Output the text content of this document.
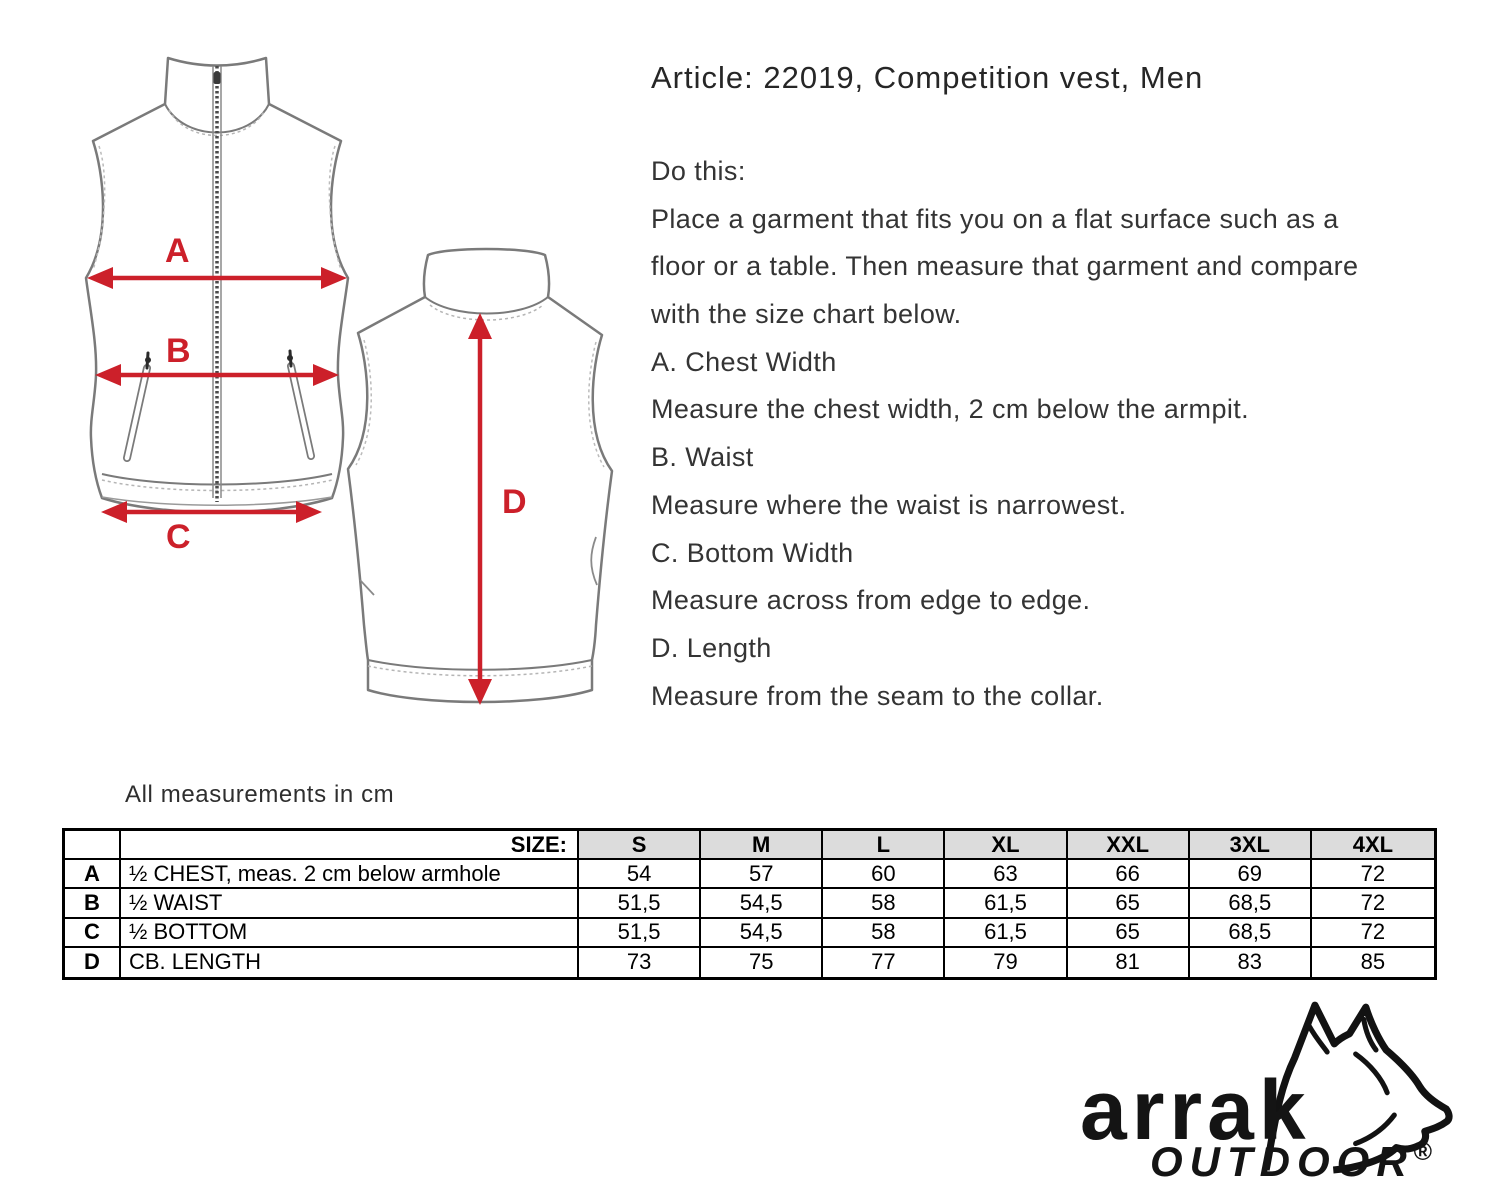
D
A
B
C
Article: 22019, Competition vest, Men
Do this:
Place a garment that fits you on a flat surface such as a
floor or a table. Then measure that garment and compare
with the size chart below.
A. Chest Width
Measure the chest width, 2 cm below the armpit.
B. Waist
Measure where the waist is narrowest.
C. Bottom Width
Measure across from edge to edge.
D. Length
Measure from the seam to the collar.
All measurements in cm
SIZE:	S	M	L	XL	XXL	3XL	4XL
A	½ CHEST, meas. 2 cm below armhole	54	57	60	63	66	69	72
B	½ WAIST	51,5	54,5	58	61,5	65	68,5	72
C	½ BOTTOM	51,5	54,5	58	61,5	65	68,5	72
D	CB. LENGTH	73	75	77	79	81	83	85
arrak
OUTDOOR®
